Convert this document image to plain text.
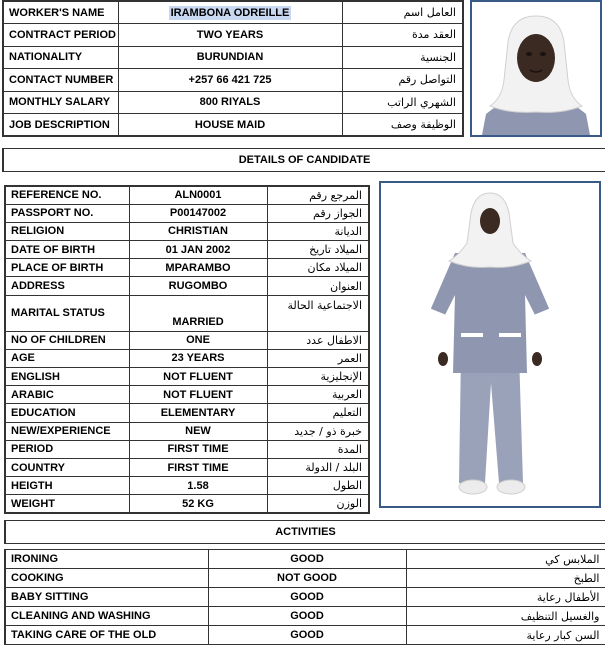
WORKER'S NAME	IRAMBONA ODREILLE	العامل اسم
CONTRACT PERIOD	TWO YEARS	العقد مدة
NATIONALITY	BURUNDIAN	الجنسية
CONTACT NUMBER	+257 66 421 725	التواصل رقم
MONTHLY SALARY	800 RIYALS	الشهري الراتب
JOB DESCRIPTION	HOUSE MAID	الوظيفة وصف
DETAILS OF CANDIDATE
REFERENCE NO.	ALN0001	المرجع رقم
PASSPORT NO.	P00147002	الجواز رقم
RELIGION	CHRISTIAN	الديانة
DATE OF BIRTH	01 JAN 2002	الميلاد تاريخ
PLACE OF BIRTH	MPARAMBO	الميلاد مكان
ADDRESS	RUGOMBO	العنوان
MARITAL STATUS	MARRIED	الاجتماعية الحالة
NO OF CHILDREN	ONE	الاطفال عدد
AGE	23 YEARS	العمر
ENGLISH	NOT FLUENT	الإنجليزية
ARABIC	NOT FLUENT	العربية
EDUCATION	ELEMENTARY	التعليم
NEW/EXPERIENCE	NEW	خبرة ذو / جديد
PERIOD	FIRST TIME	المدة
COUNTRY	FIRST TIME	البلد / الدولة
HEIGTH	1.58	الطول
WEIGHT	52 KG	الوزن
ACTIVITIES
IRONING	GOOD	الملابس كي
COOKING	NOT GOOD	الطبخ
BABY SITTING	GOOD	الأطفال رعاية
CLEANING AND WASHING	GOOD	والغسيل التنظيف
TAKING CARE OF THE OLD	GOOD	السن كبار رعاية
